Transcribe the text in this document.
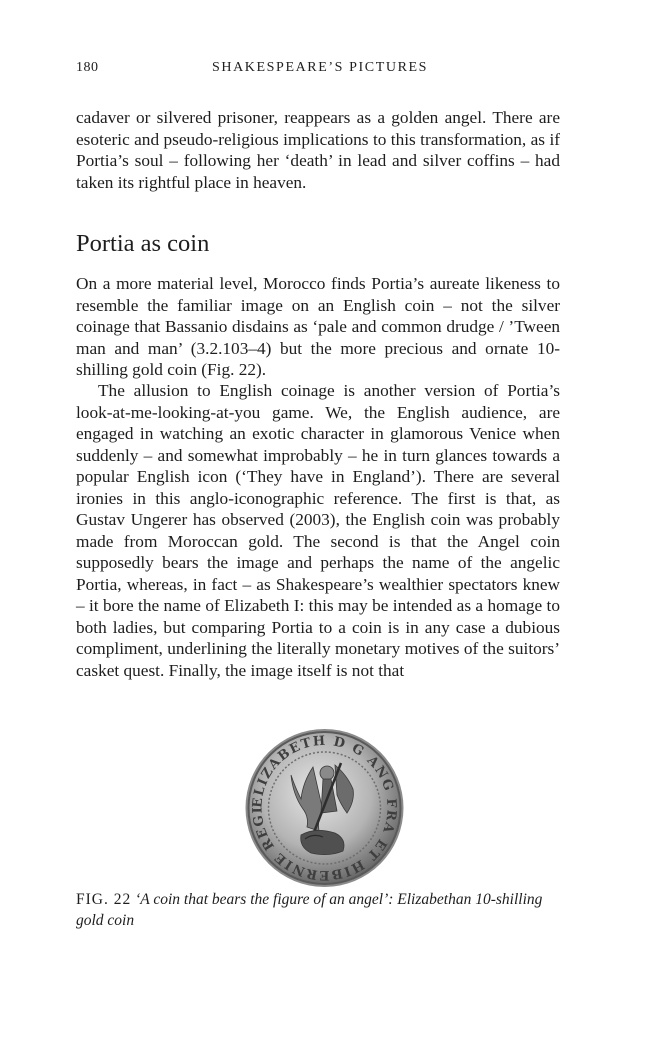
180	SHAKESPEARE’S PICTURES

cadaver or silvered prisoner, reappears as a golden angel. There are esoteric and pseudo-religious implications to this transformation, as if Portia’s soul – following her ‘death’ in lead and silver coffins – had taken its rightful place in heaven.

Portia as coin

On a more material level, Morocco finds Portia’s aureate likeness to resemble the familiar image on an English coin – not the silver coinage that Bassanio disdains as ‘pale and common drudge / ’Tween man and man’ (3.2.103–4) but the more precious and ornate 10-shilling gold coin (Fig. 22).

The allusion to English coinage is another version of Portia’s look-at-me-looking-at-you game. We, the English audience, are engaged in watching an exotic character in glamorous Venice when suddenly – and somewhat improbably – he in turn glances towards a popular English icon (‘They have in England’). There are several ironies in this anglo-iconographic reference. The first is that, as Gustav Ungerer has observed (2003), the English coin was probably made from Moroccan gold. The second is that the Angel coin supposedly bears the image and perhaps the name of the angelic Portia, whereas, in fact – as Shakespeare’s wealthier spectators knew – it bore the name of Elizabeth I: this may be intended as a homage to both ladies, but comparing Portia to a coin is in any case a dubious compliment, underlining the literally monetary motives of the suitors’ casket quest. Finally, the image itself is not that

ELIZABETH D G ANG FRA ET HIBERNIE REGI

FIG. 22 ‘A coin that bears the figure of an angel’: Elizabethan 10-shilling gold coin
